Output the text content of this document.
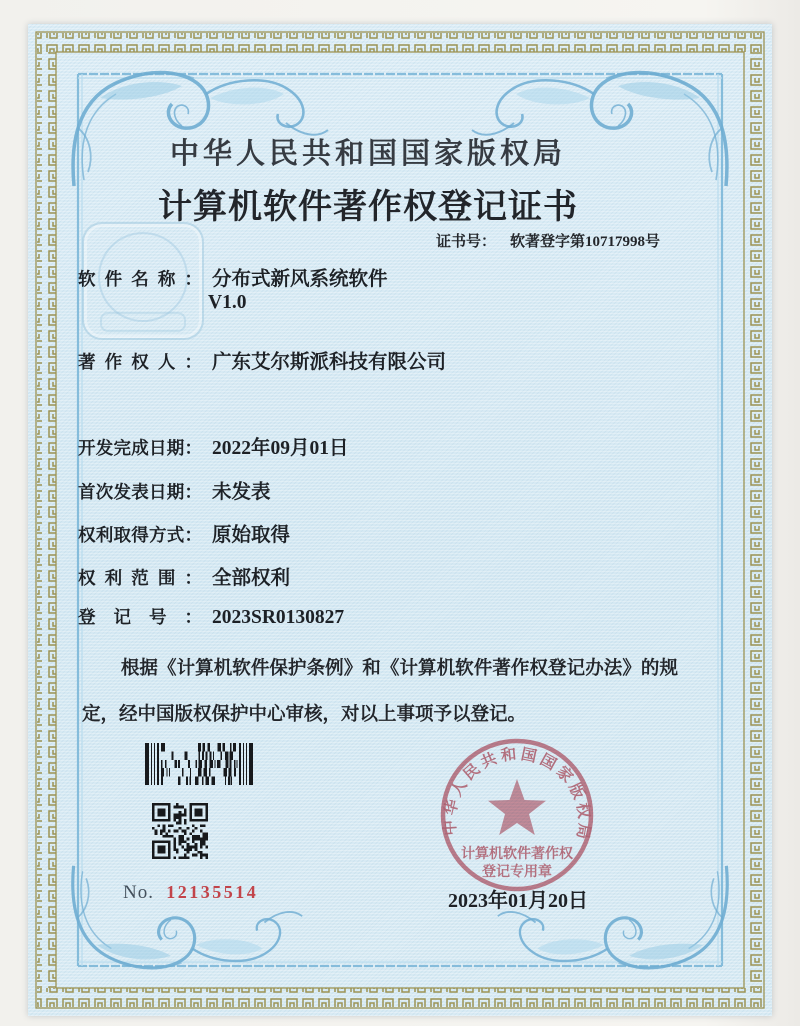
中华人民共和国国家版权局
计算机软件著作权登记证书
证书号： 软著登字第10717998号
软件名称： 分布式新风系统软件
V1.0
著作权人： 广东艾尔斯派科技有限公司
开发完成日期： 2022年09月01日
首次发表日期： 未发表
权利取得方式： 原始取得
权利范围： 全部权利
登记号： 2023SR0130827
根据《计算机软件保护条例》和《计算机软件著作权登记办法》的规定，经中国版权保护中心审核，对以上事项予以登记。
中华人民共和国国家版权局
计算机软件著作权
登记专用章
No. 12135514	2023年01月20日
